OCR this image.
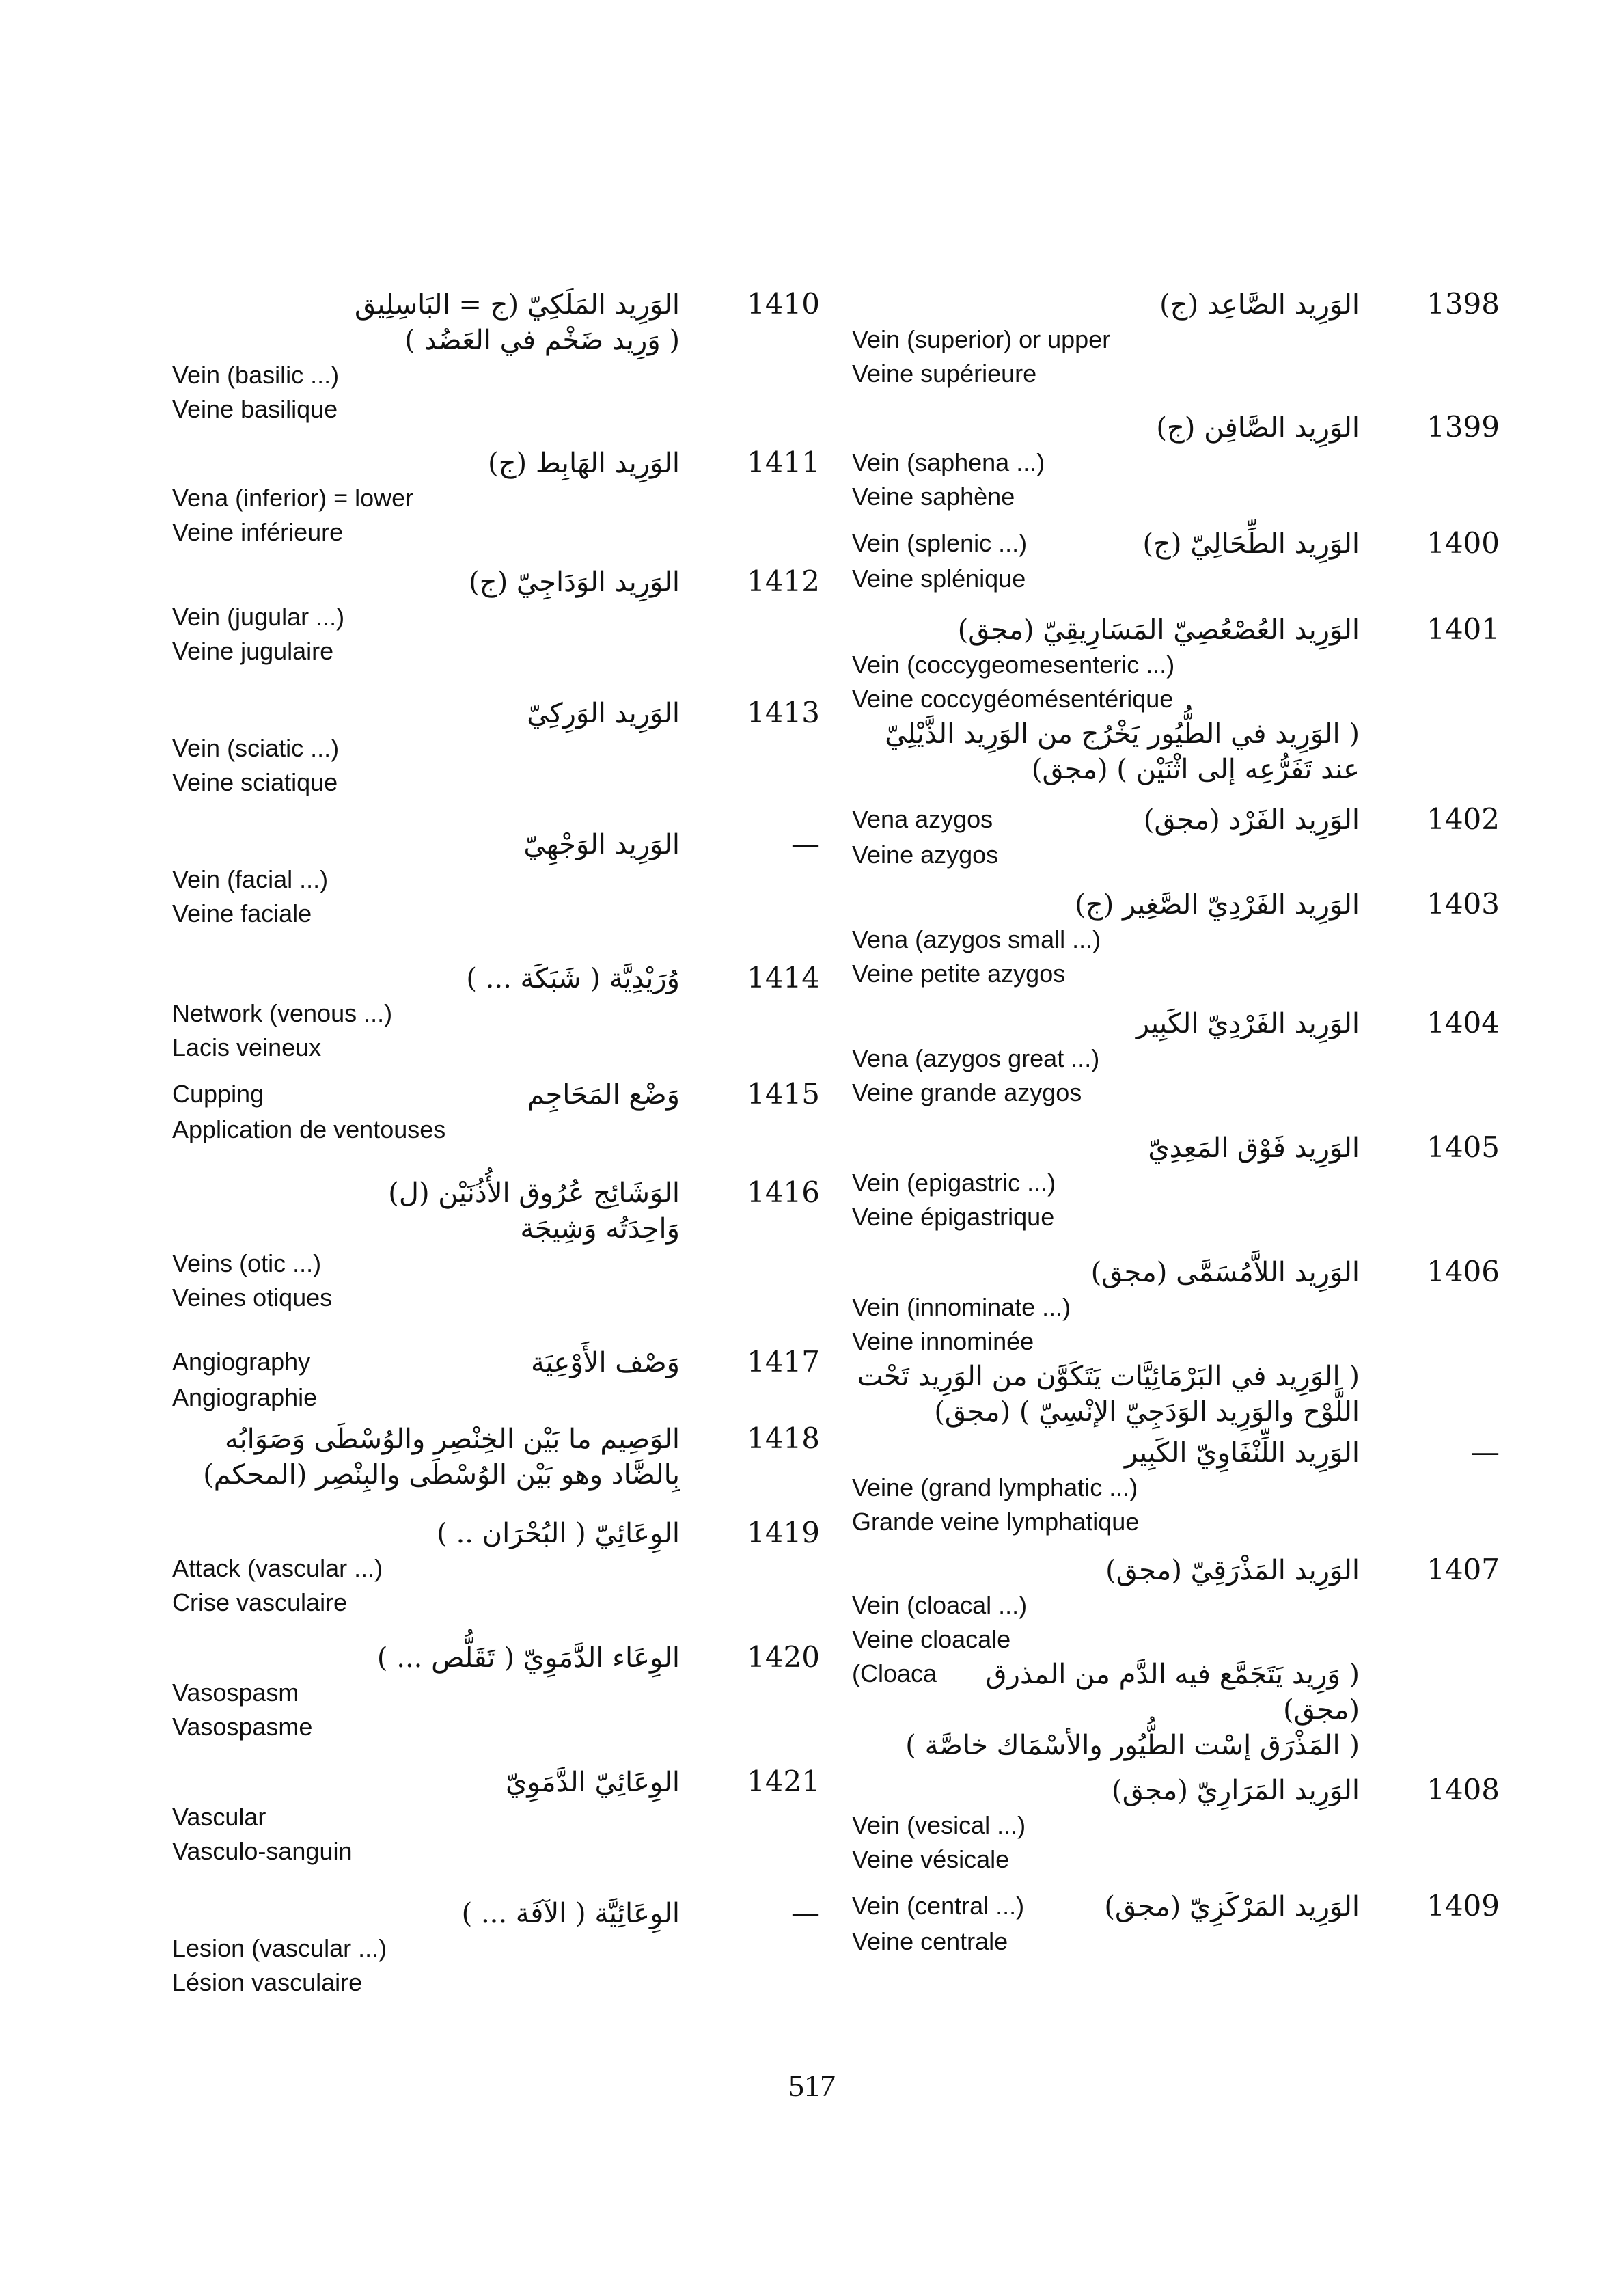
1398
الوَرِيد الصَّاعِد (ج)
Vein (superior) or upper
Veine supérieure
1399
الوَرِيد الصَّافِن (ج)
Vein (saphena ...)
Veine saphène
1400
Vein (splenic ...)	الوَرِيد الطِّحَالِيّ (ج)
Veine splénique
1401
الوَرِيد العُصْعُصِيّ المَسَارِيقِيّ (مجق)
Vein (coccygeomesenteric ...)
Veine coccygéomésentérique
( الوَرِيد في الطُّيُور يَخْرُج من الوَرِيد الذَّيْلِيّ
عند تَفَرُّعِه إلى اثْنَيْن ) (مجق)
1402
Vena azygos	الوَرِيد الفَرْد (مجق)
Veine azygos
1403
الوَرِيد الفَرْدِيّ الصَّغِير (ج)
Vena (azygos small ...)
Veine petite azygos
1404
الوَرِيد الفَرْدِيّ الكَبِير
Vena (azygos great ...)
Veine grande azygos
1405
الوَرِيد فَوْق المَعِدِيّ
Vein (epigastric ...)
Veine épigastrique
1406
الوَرِيد اللاَّمُسَمَّى (مجق)
Vein (innominate ...)
Veine innominée
( الوَرِيد في البَرْمَائِيَّات يَتَكَوَّن من الوَرِيد تَحْت
اللَّوْح والوَرِيد الوَدَجِيّ الإنْسِيّ ) (مجق)
—
الوَرِيد اللِّنْفَاوِيّ الكَبِير
Veine (grand lymphatic ...)
Grande veine lymphatique
1407
الوَرِيد المَذْرَقِيّ (مجق)
Vein (cloacal ...)
Veine cloacale
(Cloaca ( وَرِيد يَتَجَمَّع فيه الدَّم من المذرق
(مجق)
( المَذْرَق إسْت الطُّيُور والأسْمَاك خاصَّة )
1408
الوَرِيد المَرَارِيّ (مجق)
Vein (vesical ...)
Veine vésicale
1409
Vein (central ...)	الوَرِيد المَرْكَزِيّ (مجق)
Veine centrale
1410
الوَرِيد المَلَكِيّ (ج = البَاسِلِيق
( وَرِيد ضَخْم في العَضُد )
Vein (basilic ...)
Veine basilique
1411
الوَرِيد الهَابِط (ج)
Vena (inferior) = lower
Veine inférieure
1412
الوَرِيد الوَدَاجِيّ (ج)
Vein (jugular ...)
Veine jugulaire
1413
الوَرِيد الوَرِكِيّ
Vein (sciatic ...)
Veine sciatique
—
الوَرِيد الوَجْهِيّ
Vein (facial ...)
Veine faciale
1414
وُرَيْدِيَّة ( شَبَكَة ... )
Network (venous ...)
Lacis veineux
1415
Cupping	وَضْع المَحَاجِم
Application de ventouses
1416
الوَشَائِج عُرُوق الأُذُنَيْن (ل)
وَاحِدَتُه وَشِيجَة
Veins (otic ...)
Veines otiques
1417
Angiography	وَصْف الأَوْعِيَة
Angiographie
1418
الوَصِيم ما بَيْن الخِنْصِر والوُسْطَى وَصَوَابُه
بِالضَّاد وهو بَيْن الوُسْطَى والبِنْصِر (المحكم)
1419
الوِعَائِيّ ( البُحْرَان .. )
Attack (vascular ...)
Crise vasculaire
1420
الوِعَاء الدَّمَوِيّ ( تَقَلُّص ... )
Vasospasm
Vasospasme
1421
الوِعَائِيّ الدَّمَوِيّ
Vascular
Vasculo-sanguin
—
الوِعَائِيَّة ( الآفَة ... )
Lesion (vascular ...)
Lésion vasculaire
517
